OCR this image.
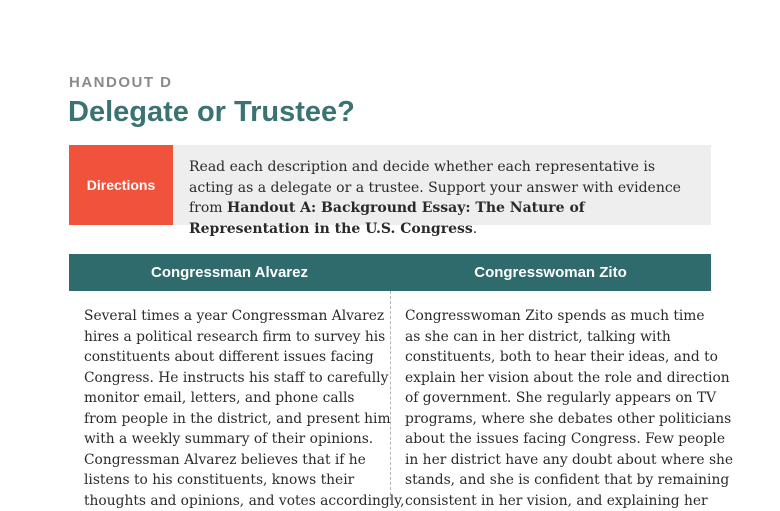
HANDOUT D
Delegate or Trustee?
Directions
Read each description and decide whether each representative is acting as a delegate or a trustee. Support your answer with evidence from Handout A: Background Essay: The Nature of Representation in the U.S. Congress.
Congressman Alvarez	Congresswoman Zito
Several times a year Congressman Alvarez
hires a political research firm to survey his
constituents about different issues facing
Congress. He instructs his staff to carefully
monitor email, letters, and phone calls
from people in the district, and present him
with a weekly summary of their opinions.
Congressman Alvarez believes that if he
listens to his constituents, knows their
thoughts and opinions, and votes accordingly,
Congresswoman Zito spends as much time
as she can in her district, talking with
constituents, both to hear their ideas, and to
explain her vision about the role and direction
of government. She regularly appears on TV
programs, where she debates other politicians
about the issues facing Congress. Few people
in her district have any doubt about where she
stands, and she is confident that by remaining
consistent in her vision, and explaining her
